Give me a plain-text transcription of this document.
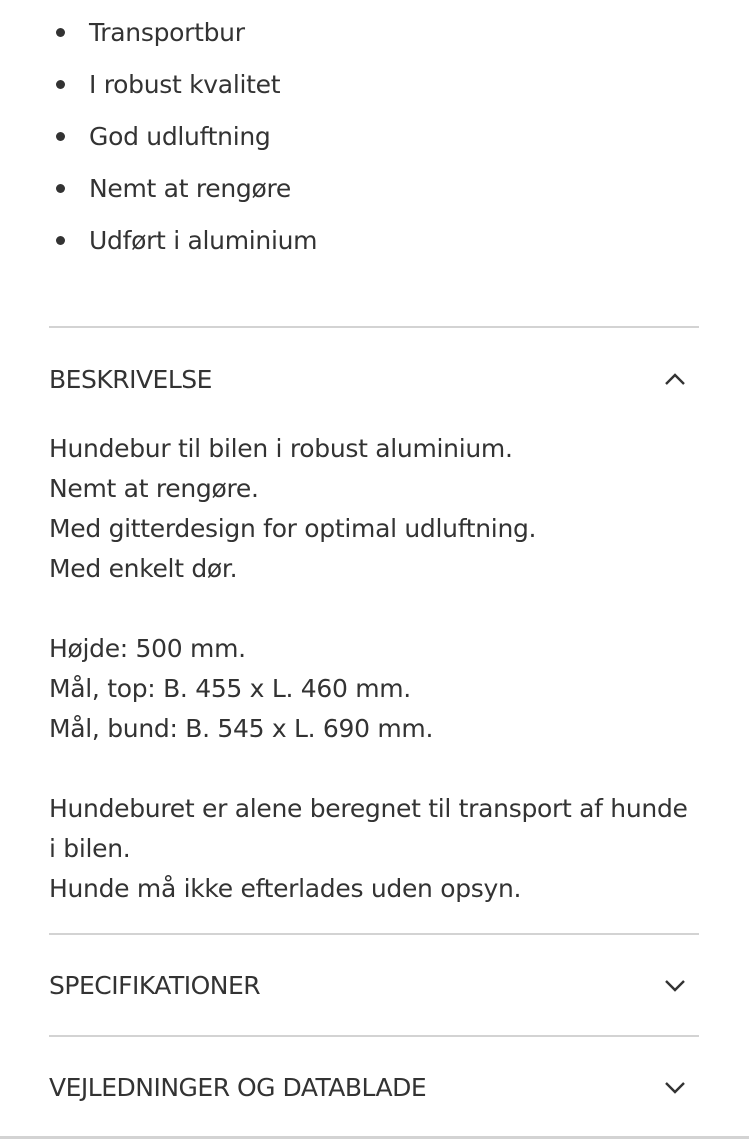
Transportbur
I robust kvalitet
God udluftning
Nemt at rengøre
Udført i aluminium
BESKRIVELSE

Hundebur til bilen i robust aluminium.
Nemt at rengøre.
Med gitterdesign for optimal udluftning.
Med enkelt dør.

Højde: 500 mm.
Mål, top: B. 455 x L. 460 mm.
Mål, bund: B. 545 x L. 690 mm.

Hundeburet er alene beregnet til transport af hunde i bilen.
Hunde må ikke efterlades uden opsyn.

SPECIFIKATIONER
VEJLEDNINGER OG DATABLADE
